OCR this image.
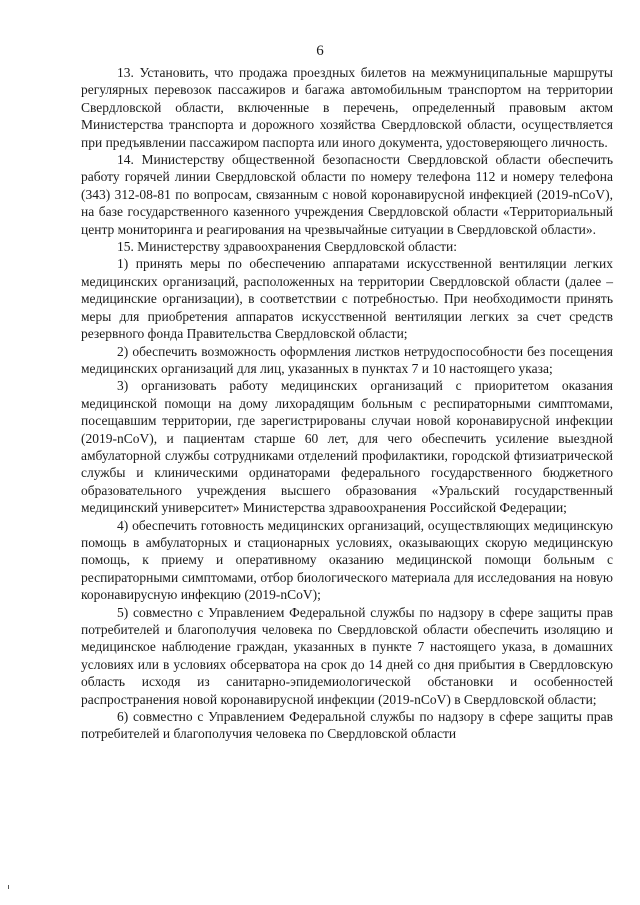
6

13. Установить, что продажа проездных билетов на межмуниципальные маршруты регулярных перевозок пассажиров и багажа автомобильным транспортом на территории Свердловской области, включенные в перечень, определенный правовым актом Министерства транспорта и дорожного хозяйства Свердловской области, осуществляется при предъявлении пассажиром паспорта или иного документа, удостоверяющего личность.

14. Министерству общественной безопасности Свердловской области обеспечить работу горячей линии Свердловской области по номеру телефона 112 и номеру телефона (343) 312-08-81 по вопросам, связанным с новой коронавирусной инфекцией (2019-nCoV), на базе государственного казенного учреждения Свердловской области «Территориальный центр мониторинга и реагирования на чрезвычайные ситуации в Свердловской области».

15. Министерству здравоохранения Свердловской области:

1) принять меры по обеспечению аппаратами искусственной вентиляции легких медицинских организаций, расположенных на территории Свердловской области (далее – медицинские организации), в соответствии с потребностью. При необходимости принять меры для приобретения аппаратов искусственной вентиляции легких за счет средств резервного фонда Правительства Свердловской области;

2) обеспечить возможность оформления листков нетрудоспособности без посещения медицинских организаций для лиц, указанных в пунктах 7 и 10 настоящего указа;

3) организовать работу медицинских организаций с приоритетом оказания медицинской помощи на дому лихорадящим больным с респираторными симптомами, посещавшим территории, где зарегистрированы случаи новой коронавирусной инфекции (2019-nCoV), и пациентам старше 60 лет, для чего обеспечить усиление выездной амбулаторной службы сотрудниками отделений профилактики, городской фтизиатрической службы и клиническими ординаторами федерального государственного бюджетного образовательного учреждения высшего образования «Уральский государственный медицинский университет» Министерства здравоохранения Российской Федерации;

4) обеспечить готовность медицинских организаций, осуществляющих медицинскую помощь в амбулаторных и стационарных условиях, оказывающих скорую медицинскую помощь, к приему и оперативному оказанию медицинской помощи больным с респираторными симптомами, отбор биологического материала для исследования на новую коронавирусную инфекцию (2019-nCoV);

5) совместно с Управлением Федеральной службы по надзору в сфере защиты прав потребителей и благополучия человека по Свердловской области обеспечить изоляцию и медицинское наблюдение граждан, указанных в пункте 7 настоящего указа, в домашних условиях или в условиях обсерватора на срок до 14 дней со дня прибытия в Свердловскую область исходя из санитарно-эпидемиологической обстановки и особенностей распространения новой коронавирусной инфекции (2019-nCoV) в Свердловской области;

6) совместно с Управлением Федеральной службы по надзору в сфере защиты прав потребителей и благополучия человека по Свердловской области
